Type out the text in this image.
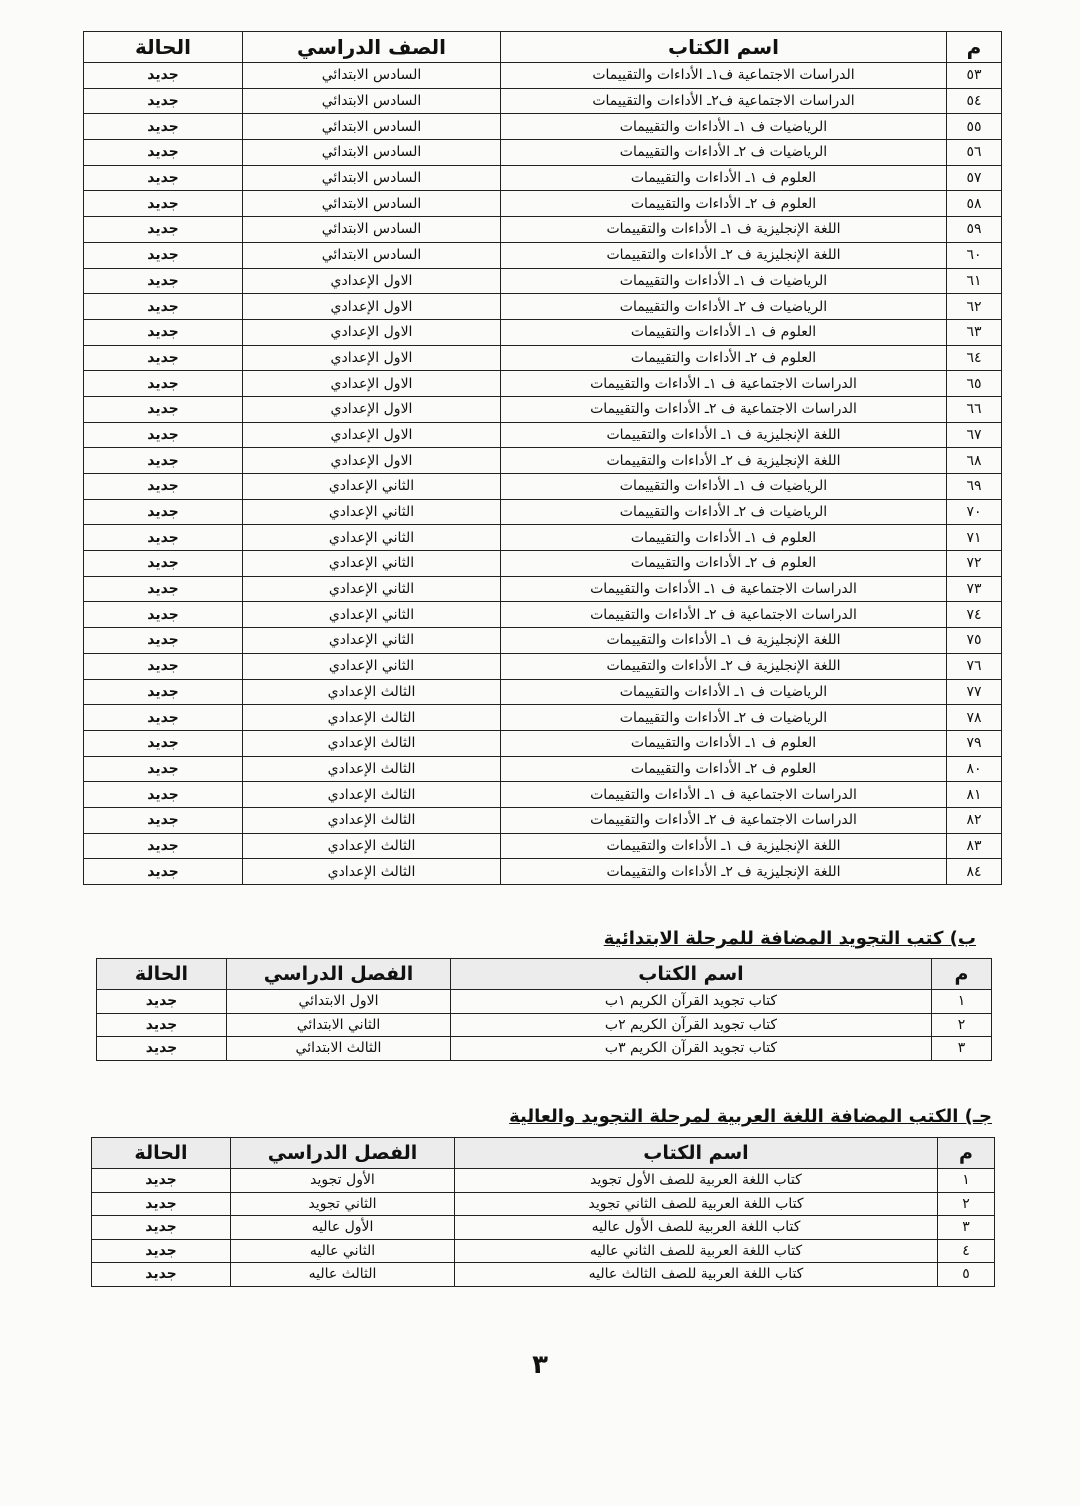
م	اسم الكتاب	الصف الدراسي	الحالة
٥٣	الدراسات الاجتماعية ف١ـ الأداءات والتقييمات	السادس الابتدائي	جديد
٥٤	الدراسات الاجتماعية ف٢ـ الأداءات والتقييمات	السادس الابتدائي	جديد
٥٥	الرياضيات ف ١ـ الأداءات والتقييمات	السادس الابتدائي	جديد
٥٦	الرياضيات ف ٢ـ الأداءات والتقييمات	السادس الابتدائي	جديد
٥٧	العلوم ف ١ـ الأداءات والتقييمات	السادس الابتدائي	جديد
٥٨	العلوم ف ٢ـ الأداءات والتقييمات	السادس الابتدائي	جديد
٥٩	اللغة الإنجليزية ف ١ـ الأداءات والتقييمات	السادس الابتدائي	جديد
٦٠	اللغة الإنجليزية ف ٢ـ الأداءات والتقييمات	السادس الابتدائي	جديد
٦١	الرياضيات ف ١ـ الأداءات والتقييمات	الاول الإعدادي	جديد
٦٢	الرياضيات ف ٢ـ الأداءات والتقييمات	الاول الإعدادي	جديد
٦٣	العلوم ف ١ـ الأداءات والتقييمات	الاول الإعدادي	جديد
٦٤	العلوم ف ٢ـ الأداءات والتقييمات	الاول الإعدادي	جديد
٦٥	الدراسات الاجتماعية ف ١ـ الأداءات والتقييمات	الاول الإعدادي	جديد
٦٦	الدراسات الاجتماعية ف ٢ـ الأداءات والتقييمات	الاول الإعدادي	جديد
٦٧	اللغة الإنجليزية ف ١ـ الأداءات والتقييمات	الاول الإعدادي	جديد
٦٨	اللغة الإنجليزية ف ٢ـ الأداءات والتقييمات	الاول الإعدادي	جديد
٦٩	الرياضيات ف ١ـ الأداءات والتقييمات	الثاني الإعدادي	جديد
٧٠	الرياضيات ف ٢ـ الأداءات والتقييمات	الثاني الإعدادي	جديد
٧١	العلوم ف ١ـ الأداءات والتقييمات	الثاني الإعدادي	جديد
٧٢	العلوم ف ٢ـ الأداءات والتقييمات	الثاني الإعدادي	جديد
٧٣	الدراسات الاجتماعية ف ١ـ الأداءات والتقييمات	الثاني الإعدادي	جديد
٧٤	الدراسات الاجتماعية ف ٢ـ الأداءات والتقييمات	الثاني الإعدادي	جديد
٧٥	اللغة الإنجليزية ف ١ـ الأداءات والتقييمات	الثاني الإعدادي	جديد
٧٦	اللغة الإنجليزية ف ٢ـ الأداءات والتقييمات	الثاني الإعدادي	جديد
٧٧	الرياضيات ف ١ـ الأداءات والتقييمات	الثالث الإعدادي	جديد
٧٨	الرياضيات ف ٢ـ الأداءات والتقييمات	الثالث الإعدادي	جديد
٧٩	العلوم ف ١ـ الأداءات والتقييمات	الثالث الإعدادي	جديد
٨٠	العلوم ف ٢ـ الأداءات والتقييمات	الثالث الإعدادي	جديد
٨١	الدراسات الاجتماعية ف ١ـ الأداءات والتقييمات	الثالث الإعدادي	جديد
٨٢	الدراسات الاجتماعية ف ٢ـ الأداءات والتقييمات	الثالث الإعدادي	جديد
٨٣	اللغة الإنجليزية ف ١ـ الأداءات والتقييمات	الثالث الإعدادي	جديد
٨٤	اللغة الإنجليزية ف ٢ـ الأداءات والتقييمات	الثالث الإعدادي	جديد
ب) كتب التجويد المضافة للمرحلة الابتدائية
م	اسم الكتاب	الفصل الدراسي	الحالة
١	كتاب تجويد القرآن الكريم ١ب	الاول الابتدائي	جديد
٢	كتاب تجويد القرآن الكريم ٢ب	الثاني الابتدائي	جديد
٣	كتاب تجويد القرآن الكريم ٣ب	الثالث الابتدائي	جديد
جـ) الكتب المضافة اللغة العربية لمرحلة التجويد والعالية
م	اسم الكتاب	الفصل الدراسي	الحالة
١	كتاب اللغة العربية للصف الأول تجويد	الأول تجويد	جديد
٢	كتاب اللغة العربية للصف الثاني تجويد	الثاني تجويد	جديد
٣	كتاب اللغة العربية للصف الأول عاليه	الأول عاليه	جديد
٤	كتاب اللغة العربية للصف الثاني عاليه	الثاني عاليه	جديد
٥	كتاب اللغة العربية للصف الثالث عاليه	الثالث عاليه	جديد
٣
